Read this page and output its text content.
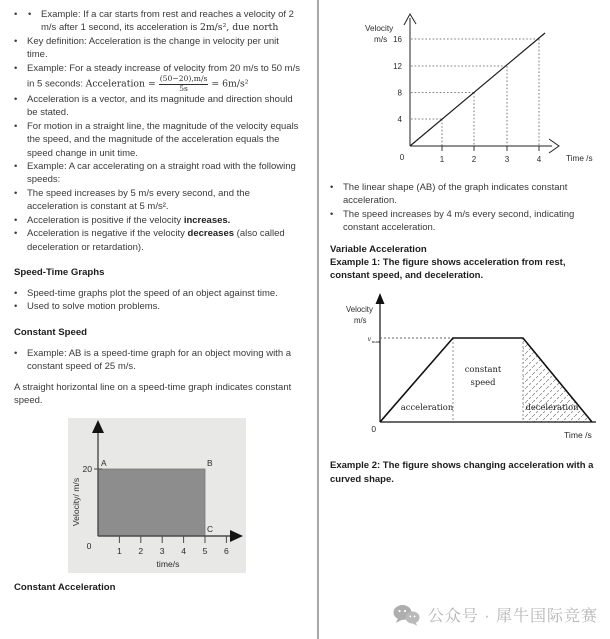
• Example: If a car starts from rest and reaches a velocity of 2 m/s after 1 second, its acceleration is 2m/s², due north •
• Key definition: Acceleration is the change in velocity per unit time.
• Example: For a steady increase of velocity from 20 m/s to 50 m/s in 5 seconds: Acceleration = $\frac{(50-20),m/s}{5s} = 6m/s^2$
• Acceleration is a vector, and its magnitude and direction should be stated.
• For motion in a straight line, the magnitude of the velocity equals the speed, and the magnitude of the acceleration equals the speed change in unit time.
• Example: A car accelerating on a straight road with the following speeds:
• The speed increases by 5 m/s every second, and the acceleration is constant at 5 m/s².
• Acceleration is positive if the velocity increases.
• Acceleration is negative if the velocity decreases (also called deceleration or retardation).
Speed-Time Graphs
• Speed-time graphs plot the speed of an object against time.
• Used to solve motion problems.
Constant Speed
• Example: AB is a speed-time graph for an object moving with a constant speed of 25 m/s.

A straight horizontal line on a speed-time graph indicates constant speed.

20
A	B
C
1 2 3 4 5 6
0
time/s
Velocity/ m/s
Constant Acceleration
16
12
8
4
1	2	3	4
0
Velocity
m/s
Time /s
• The linear shape (AB) of the graph indicates constant acceleration.
• The speed increases by 4 m/s every second, indicating constant acceleration.
Variable Acceleration

Example 1: The figure shows acceleration from rest, constant speed, and deceleration.

Velocity
m/s
v max
acceleration
constant
speed
deceleration
0
Time /s

Example 2: The figure shows changing acceleration with a curved shape.

公众号 · 犀牛国际竞赛
